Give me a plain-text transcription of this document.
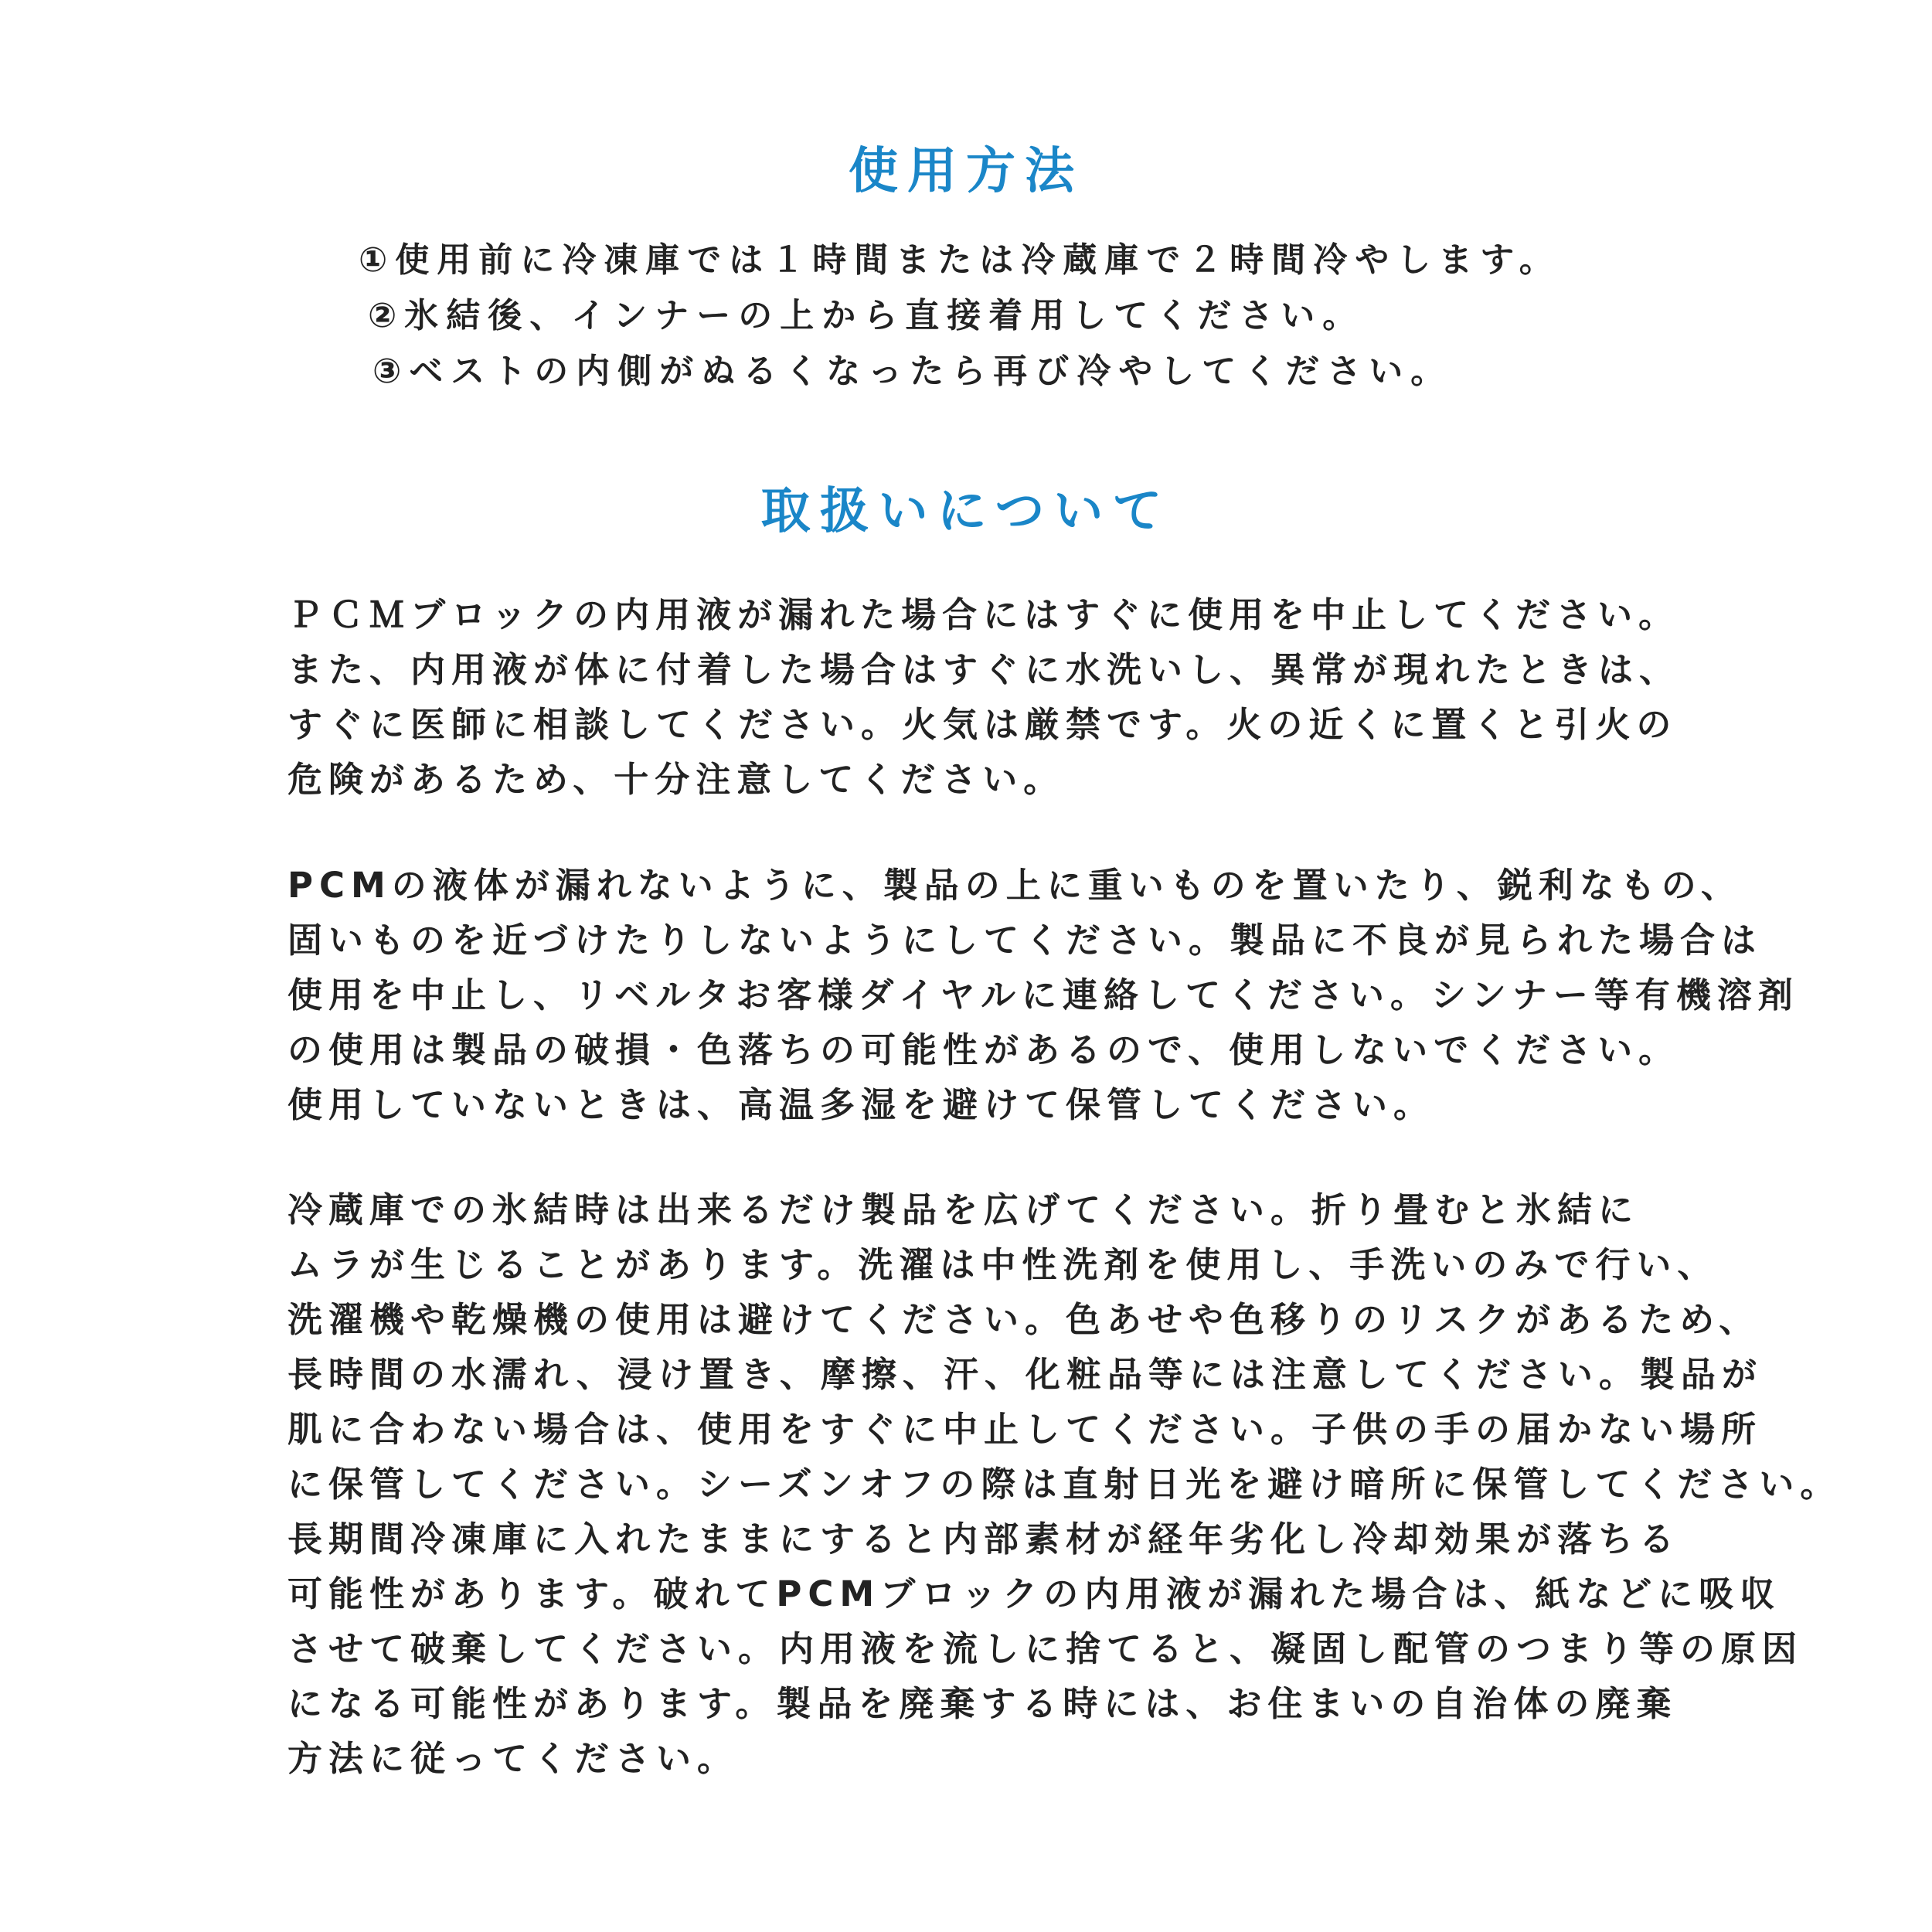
使用方法
①使用前に冷凍庫では１時間または冷蔵庫で２時間冷やします。
②氷結後、インナーの上から直接着用してください。
③ベストの内側がぬるくなったら再び冷やしてください。
取扱いについて
ＰＣＭブロックの内用液が漏れた場合にはすぐに使用を中止してください。
また、内用液が体に付着した場合はすぐに水洗いし、異常が現れたときは、
すぐに医師に相談してください。火気は厳禁です。火の近くに置くと引火の
危険があるため、十分注意してください。
PCMの液体が漏れないように、製品の上に重いものを置いたり、鋭利なもの、
固いものを近づけたりしないようにしてください。製品に不良が見られた場合は
使用を中止し、リベルタお客様ダイヤルに連絡してください。シンナー等有機溶剤
の使用は製品の破損・色落ちの可能性があるので、使用しないでください。
使用していないときは、高温多湿を避けて保管してください。
冷蔵庫での氷結時は出来るだけ製品を広げてください。折り畳むと氷結に
ムラが生じることがあります。洗濯は中性洗剤を使用し、手洗いのみで行い、
洗濯機や乾燥機の使用は避けてください。色あせや色移りのリスクがあるため、
長時間の水濡れ、浸け置き、摩擦、汗、化粧品等には注意してください。製品が
肌に合わない場合は、使用をすぐに中止してください。子供の手の届かない場所
に保管してください。シーズンオフの際は直射日光を避け暗所に保管してください。
長期間冷凍庫に入れたままにすると内部素材が経年劣化し冷却効果が落ちる
可能性があります。破れてPCMブロックの内用液が漏れた場合は、紙などに吸収
させて破棄してください。内用液を流しに捨てると、凝固し配管のつまり等の原因
になる可能性があります。製品を廃棄する時には、お住まいの自治体の廃棄
方法に従ってください。
